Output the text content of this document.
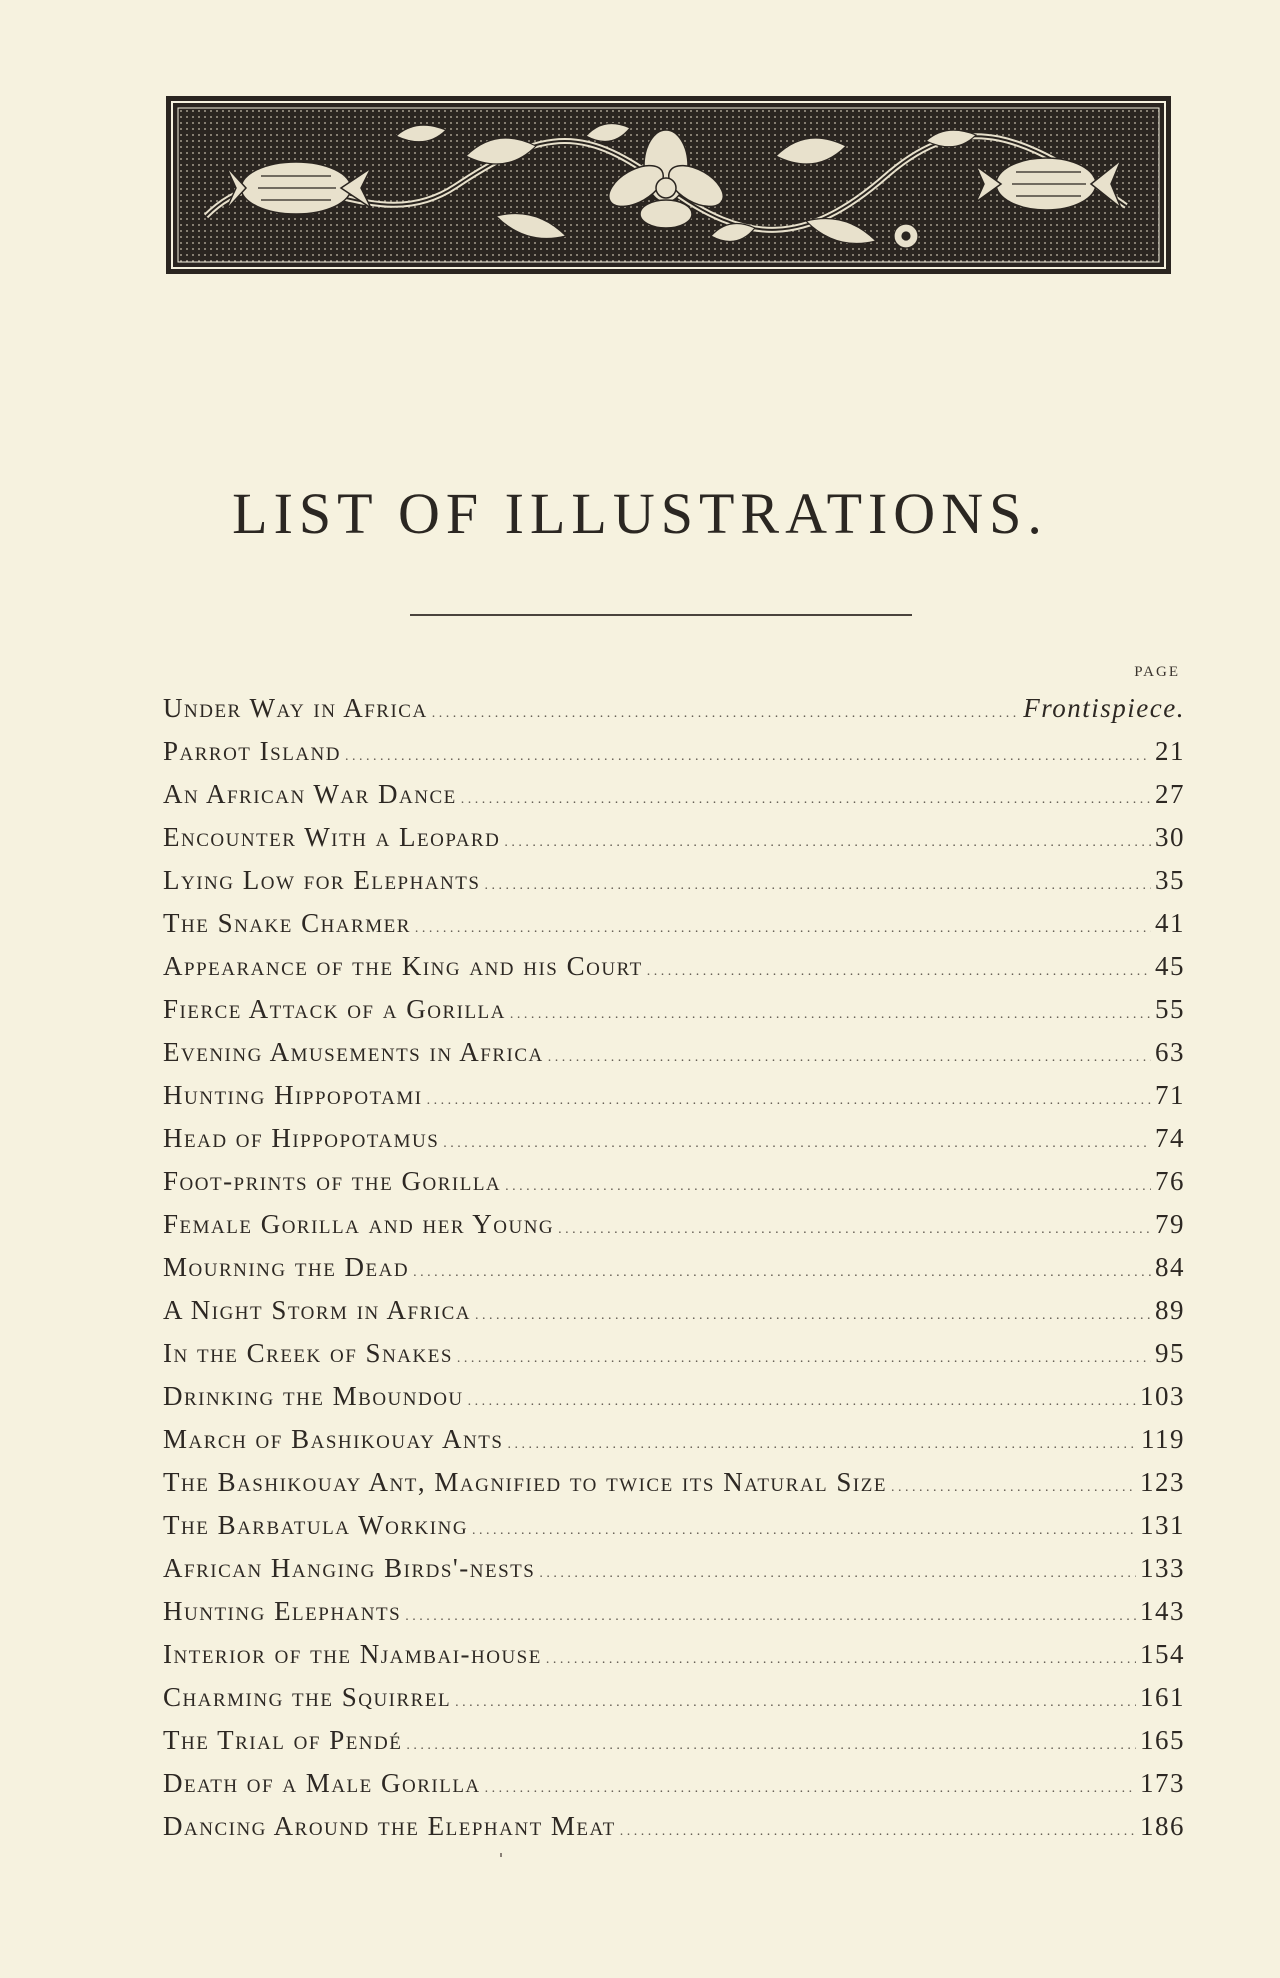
LIST OF ILLUSTRATIONS.
PAGE
Under Way in Africa . . .	Frontispiece.
Parrot Island . . .	21
An African War Dance . . .	27
Encounter With a Leopard . . .	30
Lying Low for Elephants . . .	35
The Snake Charmer . . .	41
Appearance of the King and his Court . . .	45
Fierce Attack of a Gorilla . . .	55
Evening Amusements in Africa . . .	63
Hunting Hippopotami . . .	71
Head of Hippopotamus . . .	74
Foot-prints of the Gorilla . . .	76
Female Gorilla and her Young . . .	79
Mourning the Dead . . .	84
A Night Storm in Africa . . .	89
In the Creek of Snakes . . .	95
Drinking the Mboundou . . .	103
March of Bashikouay Ants . . .	119
The Bashikouay Ant, Magnified to twice its Natural Size . . .	123
The Barbatula Working . . .	131
African Hanging Birds'-nests . . .	133
Hunting Elephants . . .	143
Interior of the Njambai-house . . .	154
Charming the Squirrel . . .	161
The Trial of Pendé . . .	165
Death of a Male Gorilla . . .	173
Dancing Around the Elephant Meat . . .	186
